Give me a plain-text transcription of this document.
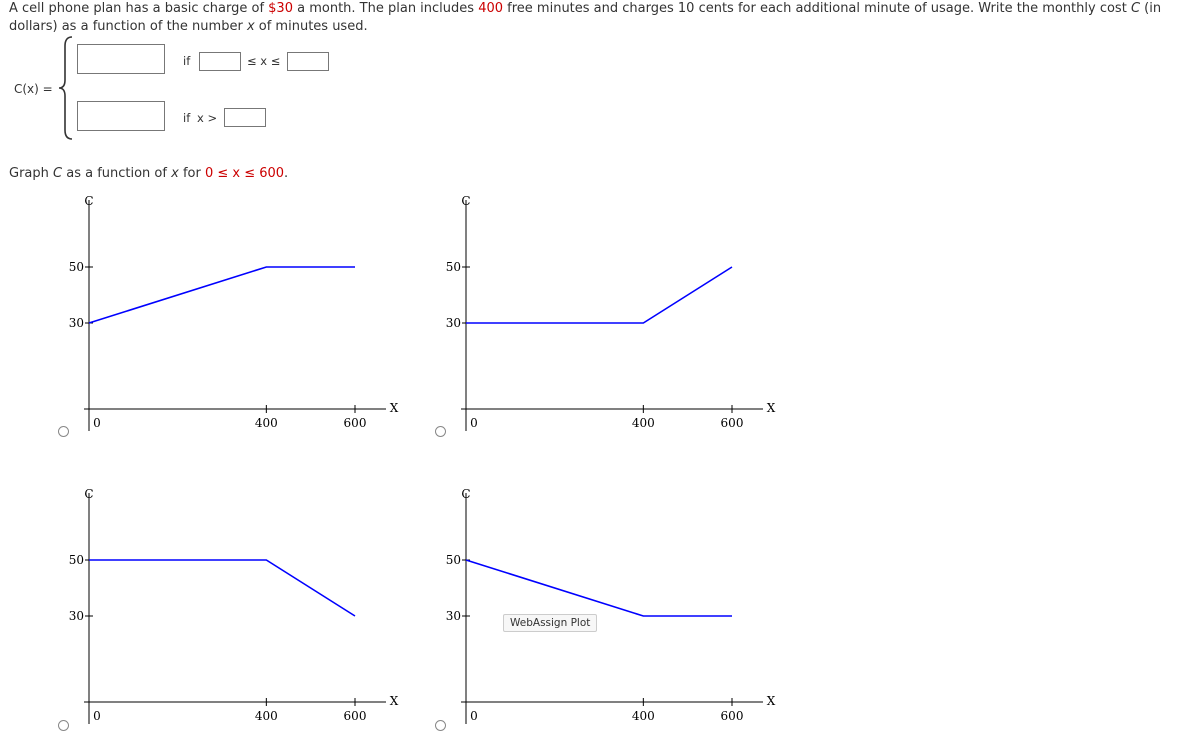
A cell phone plan has a basic charge of $30 a month. The plan includes 400 free minutes and charges 10 cents for each additional minute of usage. Write the monthly cost C (in dollars) as a function of the number x of minutes used.
C(x) =
if	≤ x ≤
if x >
Graph C as a function of x for 0 ≤ x ≤ 600.
C
X
30
50
0	400	600
C
X
30
50
0	400	600
C
X
30
50
0	400	600
C
X
30
50
0	400	600
WebAssign Plot
